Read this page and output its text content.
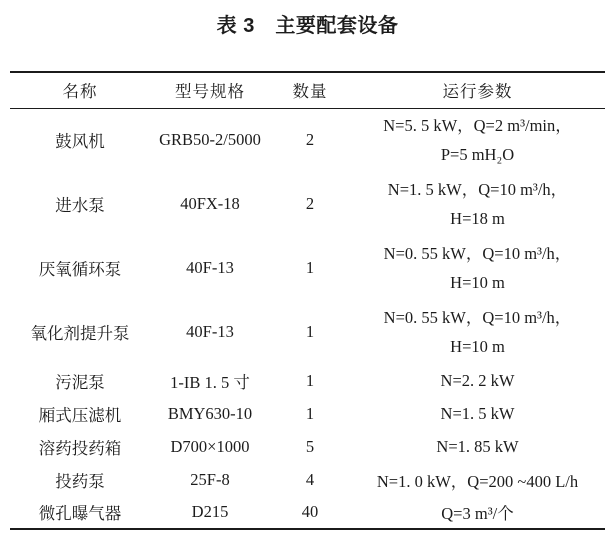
表 3　主要配套设备
名称	型号规格	数量	运行参数
鼓风机	GRB50-2/5000	2	N=5. 5 kW，Q=2 m³/min，
P=5 mH₂O

进水泵	40FX-18	2	N=1. 5 kW，Q=10 m³/h，
H=18 m

厌氧循环泵	40F-13	1	N=0. 55 kW，Q=10 m³/h，
H=10 m

氧化剂提升泵	40F-13	1	N=0. 55 kW，Q=10 m³/h，
H=10 m

污泥泵	1-IB 1. 5 寸	1	N=2. 2 kW

厢式压滤机	BMY630-10	1	N=1. 5 kW

溶药投药箱	D700×1000	5	N=1. 85 kW

投药泵	25F-8	4	N=1. 0 kW，Q=200 ~400 L/h

微孔曝气器	D215	40	Q=3 m³/个
